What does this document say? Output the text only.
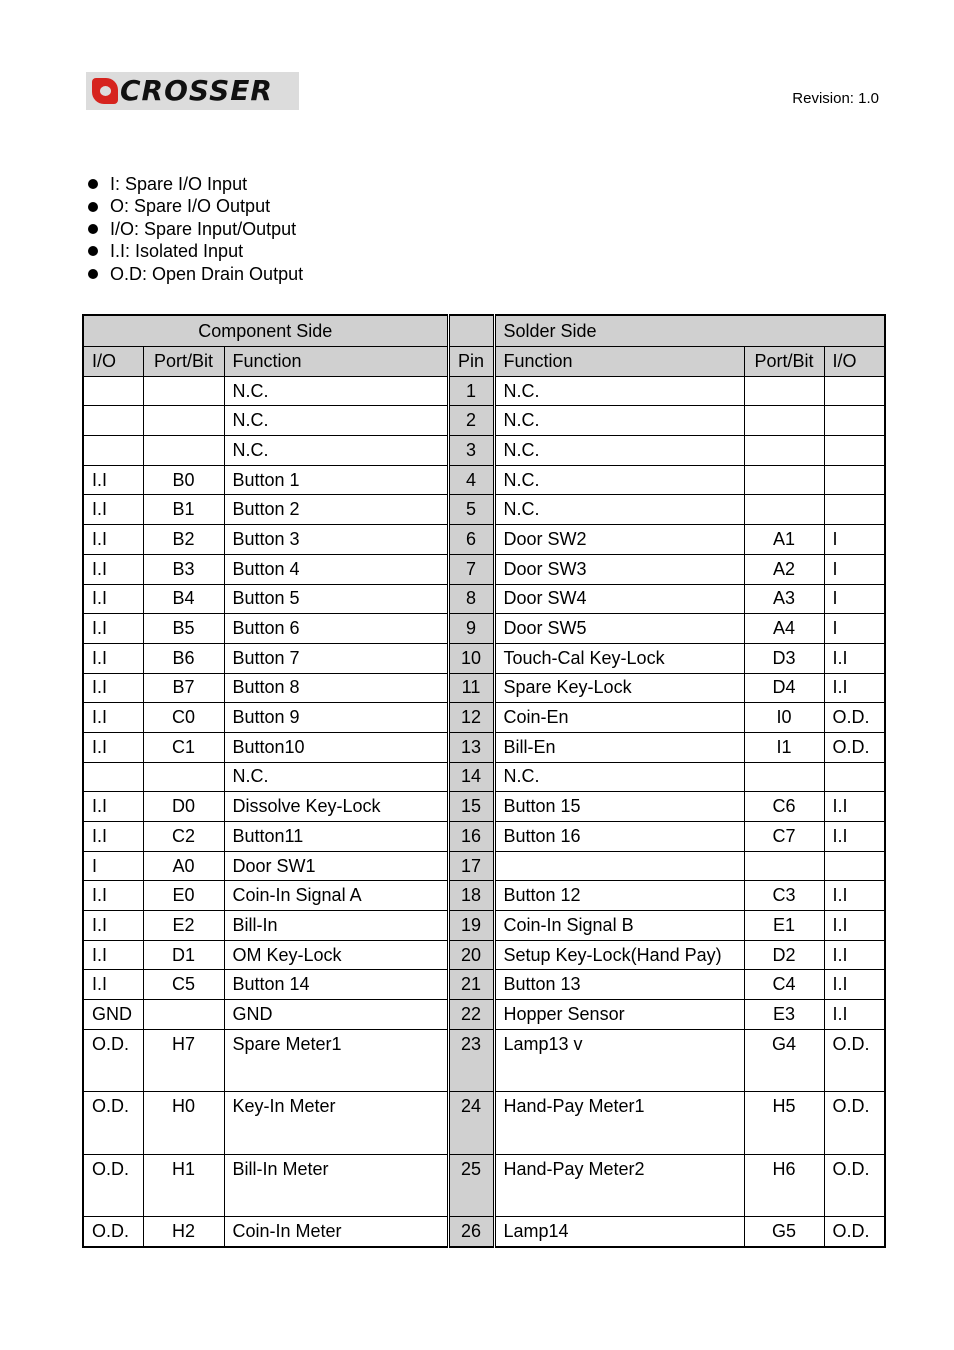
CROSSER	Revision: 1.0
I: Spare I/O Input
O: Spare I/O Output
I/O: Spare Input/Output
I.I: Isolated Input
O.D: Open Drain Output
Component Side				Solder Side		
I/O	Port/Bit	Function	Pin	Function	Port/Bit	I/O
		N.C.	1	N.C.		
		N.C.	2	N.C.		
		N.C.	3	N.C.		
I.I	B0	Button 1	4	N.C.		
I.I	B1	Button 2	5	N.C.		
I.I	B2	Button 3	6	Door SW2	A1	I
I.I	B3	Button 4	7	Door SW3	A2	I
I.I	B4	Button 5	8	Door SW4	A3	I
I.I	B5	Button 6	9	Door SW5	A4	I
I.I	B6	Button 7	10	Touch-Cal Key-Lock	D3	I.I
I.I	B7	Button 8	11	Spare Key-Lock	D4	I.I
I.I	C0	Button 9	12	Coin-En	I0	O.D.
I.I	C1	Button10	13	Bill-En	I1	O.D.
		N.C.	14	N.C.		
I.I	D0	Dissolve Key-Lock	15	Button 15	C6	I.I
I.I	C2	Button11	16	Button 16	C7	I.I
I	A0	Door SW1	17			
I.I	E0	Coin-In Signal A	18	Button 12	C3	I.I
I.I	E2	Bill-In	19	Coin-In Signal B	E1	I.I
I.I	D1	OM Key-Lock	20	Setup Key-Lock(Hand Pay)	D2	I.I
I.I	C5	Button 14	21	Button 13	C4	I.I
GND		GND	22	Hopper Sensor	E3	I.I
O.D.	H7	Spare Meter1	23	Lamp13 v	G4	O.D.
O.D.	H0	Key-In Meter	24	Hand-Pay Meter1	H5	O.D.
O.D.	H1	Bill-In Meter	25	Hand-Pay Meter2	H6	O.D.
O.D.	H2	Coin-In Meter	26	Lamp14	G5	O.D.
